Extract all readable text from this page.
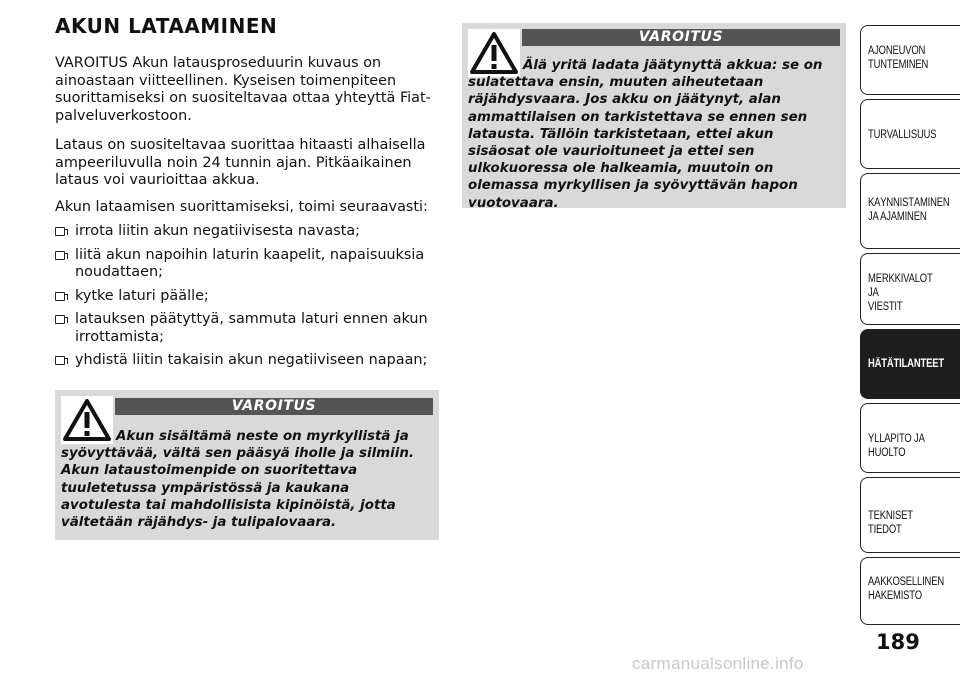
AKUN LATAAMINEN

VAROITUS Akun latausproseduurin kuvaus on ainoastaan viitteellinen. Kyseisen toimenpiteen suorittamiseksi on suositeltavaa ottaa yhteyttä Fiat-palveluverkostoon.

Lataus on suositeltavaa suorittaa hitaasti alhaisella ampeeriluvulla noin 24 tunnin ajan. Pitkäaikainen lataus voi vaurioittaa akkua.

Akun lataamisen suorittamiseksi, toimi seuraavasti:

irrota liitin akun negatiivisesta navasta;
liitä akun napoihin laturin kaapelit, napaisuuksia noudattaen;
kytke laturi päälle;
latauksen päätyttyä, sammuta laturi ennen akun irrottamista;
yhdistä liitin takaisin akun negatiiviseen napaan;
VAROITUS

Akun sisältämä neste on myrkyllistä ja syövyttävää, vältä sen pääsyä iholle ja silmiin. Akun lataustoimenpide on suoritettava tuuletetussa ympäristössä ja kaukana avotulesta tai mahdollisista kipinöistä, jotta vältetään räjähdys- ja tulipalovaara.

VAROITUS

Älä yritä ladata jäätynyttä akkua: se on sulatettava ensin, muuten aiheutetaan räjähdysvaara. Jos akku on jäätynyt, alan ammattilaisen on tarkistettava se ennen sen latausta. Tällöin tarkistetaan, ettei akun sisäosat ole vaurioituneet ja ettei sen ulkokuoressa ole halkeamia, muutoin on olemassa myrkyllisen ja syövyttävän hapon vuotovaara.

AJONEUVON
TUNTEMINEN
TURVALLISUUS
KÄYNNISTÄMINEN
JA AJAMINEN
MERKKIVALOT JA
VIESTIT
HÄTÄTILANTEET
YLLÄPITO JA HUOLTO
TEKNISET TIEDOT
AAKKOSELLINEN
HAKEMISTO
189
carmanualsonline.info
